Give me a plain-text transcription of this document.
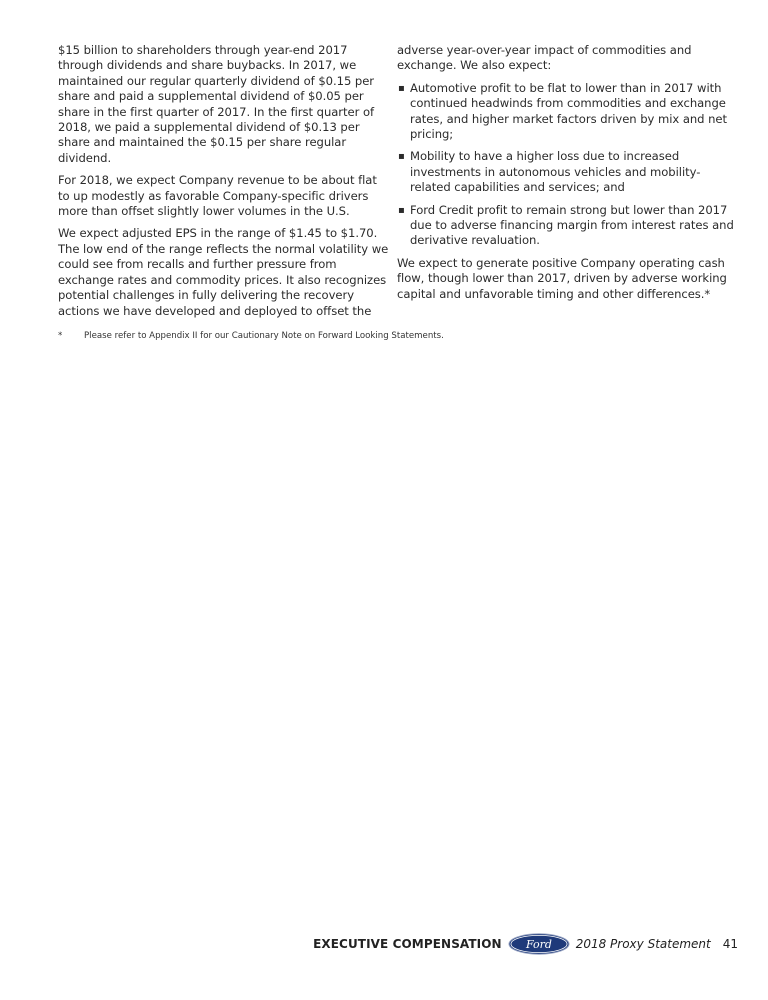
$15 billion to shareholders through year-end 2017 through dividends and share buybacks. In 2017, we maintained our regular quarterly dividend of $0.15 per share and paid a supplemental dividend of $0.05 per share in the first quarter of 2017. In the first quarter of 2018, we paid a supplemental dividend of $0.13 per share and maintained the $0.15 per share regular dividend.

For 2018, we expect Company revenue to be about flat to up modestly as favorable Company-specific drivers more than offset slightly lower volumes in the U.S.

We expect adjusted EPS in the range of $1.45 to $1.70. The low end of the range reflects the normal volatility we could see from recalls and further pressure from exchange rates and commodity prices. It also recognizes potential challenges in fully delivering the recovery actions we have developed and deployed to offset the

adverse year-over-year impact of commodities and exchange. We also expect:

▪ Automotive profit to be flat to lower than in 2017 with continued headwinds from commodities and exchange rates, and higher market factors driven by mix and net pricing;
▪ Mobility to have a higher loss due to increased investments in autonomous vehicles and mobility-related capabilities and services; and
▪ Ford Credit profit to remain strong but lower than 2017 due to adverse financing margin from interest rates and derivative revaluation.

We expect to generate positive Company operating cash flow, though lower than 2017, driven by adverse working capital and unfavorable timing and other differences.*

*	Please refer to Appendix II for our Cautionary Note on Forward Looking Statements.
EXECUTIVE COMPENSATION Ford 2018 Proxy Statement 41
